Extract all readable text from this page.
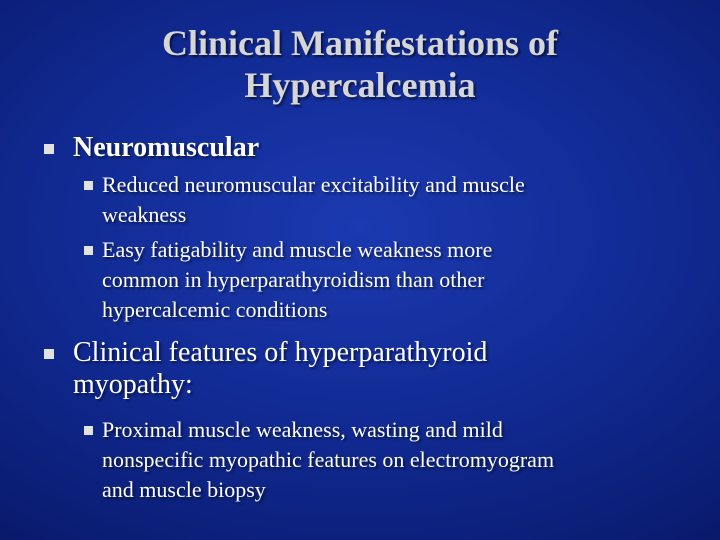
Clinical Manifestations of
Hypercalcemia
Neuromuscular
Reduced neuromuscular excitability and muscle
weakness
Easy fatigability and muscle weakness more
common in hyperparathyroidism than other
hypercalcemic conditions
Clinical features of hyperparathyroid
myopathy:
Proximal muscle weakness, wasting and mild
nonspecific myopathic features on electromyogram
and muscle biopsy
